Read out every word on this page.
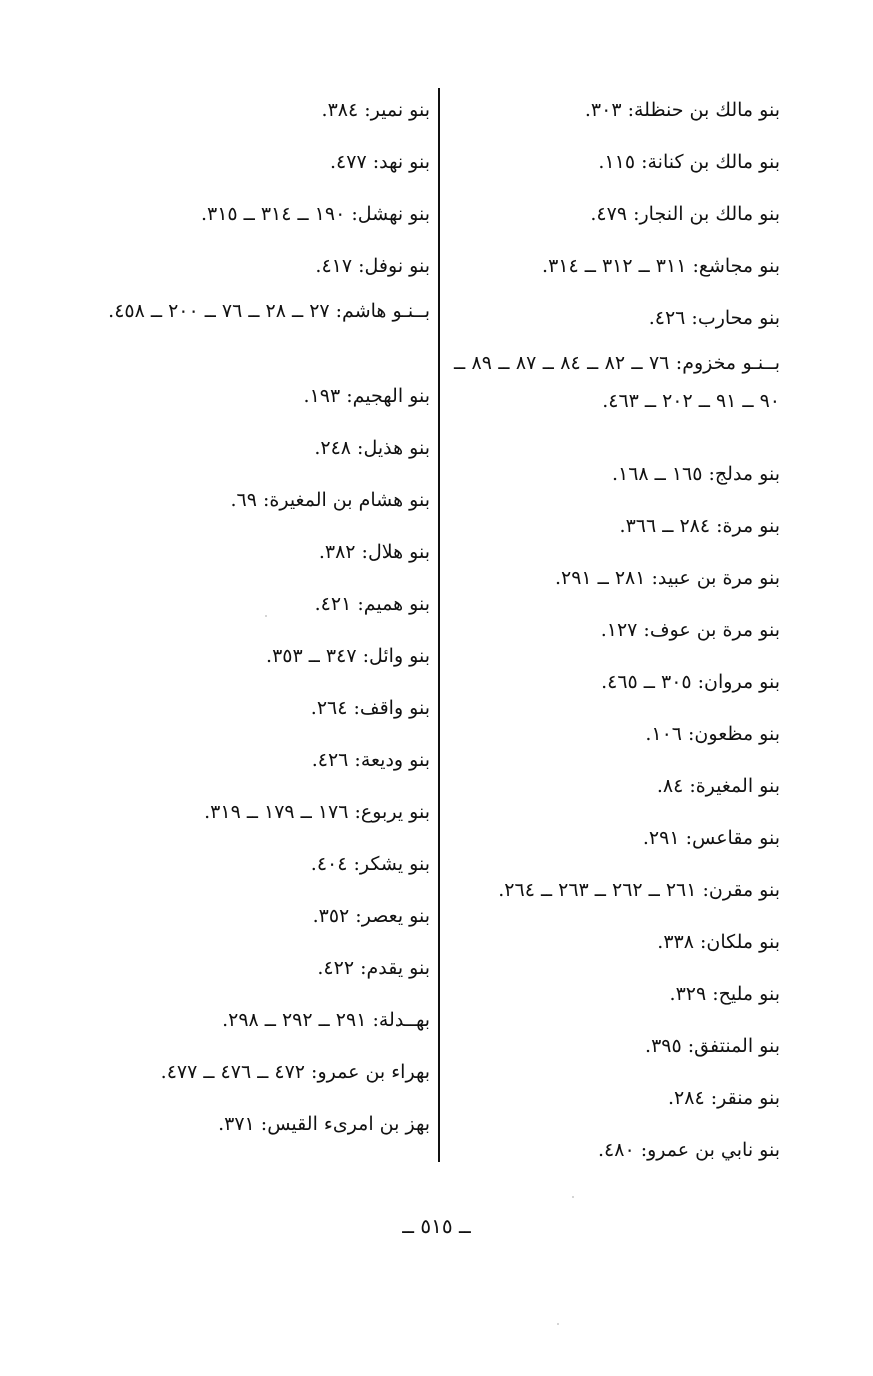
بنو مالك بن حنظلة: ٣٠٣.
بنو مالك بن كنانة: ١١٥.
بنو مالك بن النجار: ٤٧٩.
بنو مجاشع: ٣١١ ــ ٣١٢ ــ ٣١٤.
بنو محارب: ٤٢٦.
بــنـو مخزوم: ٧٦ ــ ٨٢ ــ ٨٤ ــ ٨٧ ــ ٨٩ ــ ٩٠ ــ ٩١ ــ ٢٠٢ ــ ٤٦٣.
بنو مدلج: ١٦٥ ــ ١٦٨.
بنو مرة: ٢٨٤ ــ ٣٦٦.
بنو مرة بن عبيد: ٢٨١ ــ ٢٩١.
بنو مرة بن عوف: ١٢٧.
بنو مروان: ٣٠٥ ــ ٤٦٥.
بنو مظعون: ١٠٦.
بنو المغيرة: ٨٤.
بنو مقاعس: ٢٩١.
بنو مقرن: ٢٦١ ــ ٢٦٢ ــ ٢٦٣ ــ ٢٦٤.
بنو ملكان: ٣٣٨.
بنو مليح: ٣٢٩.
بنو المنتفق: ٣٩٥.
بنو منقر: ٢٨٤.
بنو نابي بن عمرو: ٤٨٠.
بنو نمير: ٣٨٤.
بنو نهد: ٤٧٧.
بنو نهشل: ١٩٠ ــ ٣١٤ ــ ٣١٥.
بنو نوفل: ٤١٧.
بــنـو هاشم: ٢٧ ــ ٢٨ ــ ٧٦ ــ ٢٠٠ ــ ٤٥٨.
بنو الهجيم: ١٩٣.
بنو هذيل: ٢٤٨.
بنو هشام بن المغيرة: ٦٩.
بنو هلال: ٣٨٢.
بنو هميم: ٤٢١.
بنو وائل: ٣٤٧ ــ ٣٥٣.
بنو واقف: ٢٦٤.
بنو وديعة: ٤٢٦.
بنو يربوع: ١٧٦ ــ ١٧٩ ــ ٣١٩.
بنو يشكر: ٤٠٤.
بنو يعصر: ٣٥٢.
بنو يقدم: ٤٢٢.
بهــدلة: ٢٩١ ــ ٢٩٢ ــ ٢٩٨.
بهراء بن عمرو: ٤٧٢ ــ ٤٧٦ ــ ٤٧٧.
بهز بن امرىء القيس: ٣٧١.
ــ ٥١٥ ــ
